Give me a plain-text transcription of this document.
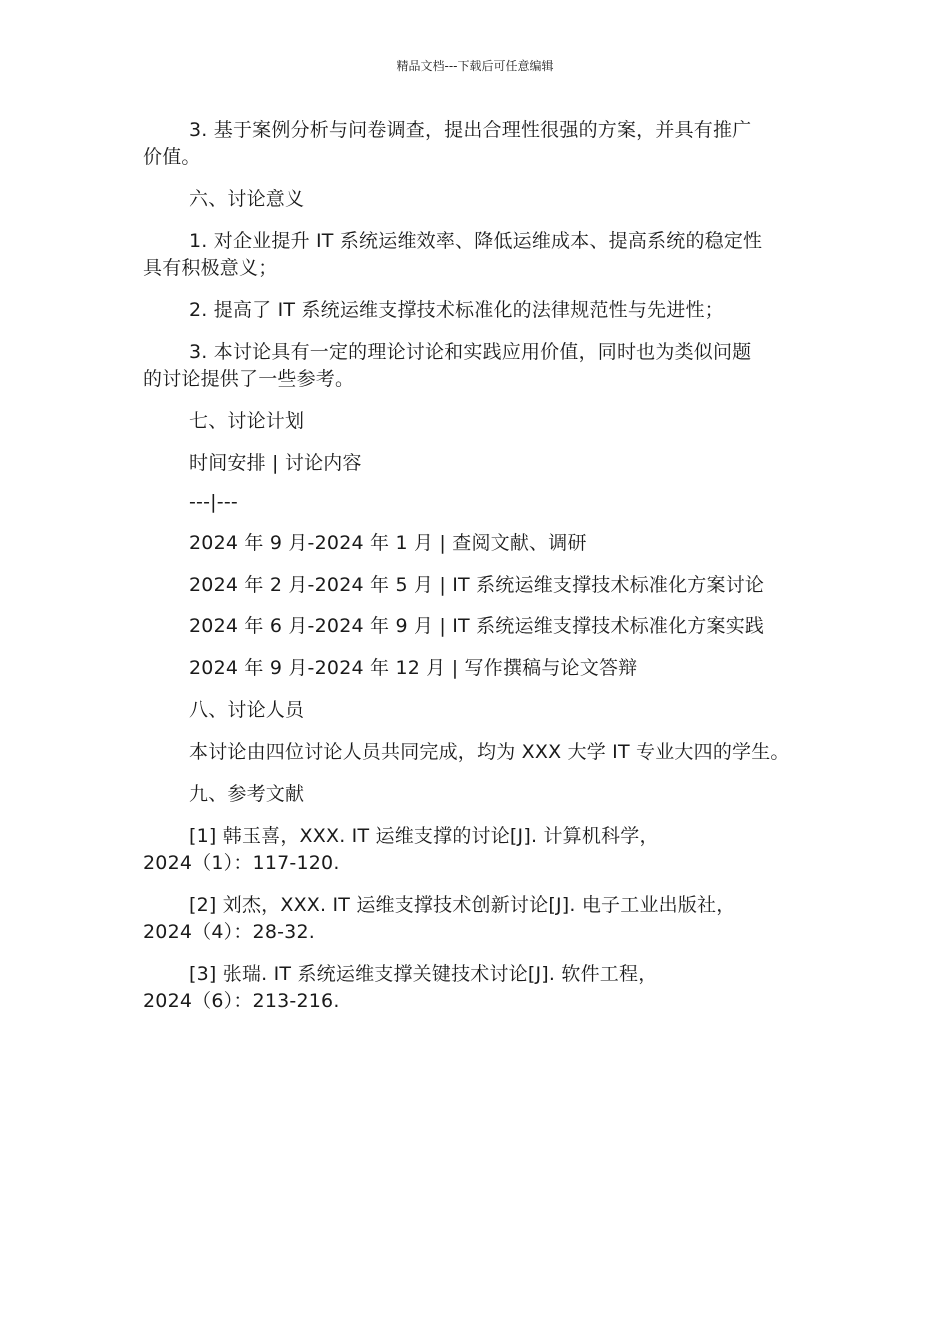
精品文档---下载后可任意编辑
3. 基于案例分析与问卷调查，提出合理性很强的方案，并具有推广
价值。
六、讨论意义
1. 对企业提升 IT 系统运维效率、降低运维成本、提高系统的稳定性
具有积极意义；
2. 提高了 IT 系统运维支撑技术标准化的法律规范性与先进性；
3. 本讨论具有一定的理论讨论和实践应用价值，同时也为类似问题
的讨论提供了一些参考。
七、讨论计划
时间安排 | 讨论内容
---|---
2024 年 9 月-2024 年 1 月 | 查阅文献、调研
2024 年 2 月-2024 年 5 月 | IT 系统运维支撑技术标准化方案讨论
2024 年 6 月-2024 年 9 月 | IT 系统运维支撑技术标准化方案实践
2024 年 9 月-2024 年 12 月 | 写作撰稿与论文答辩
八、讨论人员
本讨论由四位讨论人员共同完成，均为 XXX 大学 IT 专业大四的学生。
九、参考文献
[1] 韩玉喜，XXX. IT 运维支撑的讨论[J]. 计算机科学，
2024（1）：117-120.
[2] 刘杰，XXX. IT 运维支撑技术创新讨论[J]. 电子工业出版社，
2024（4）：28-32.
[3] 张瑞. IT 系统运维支撑关键技术讨论[J]. 软件工程，
2024（6）：213-216.
